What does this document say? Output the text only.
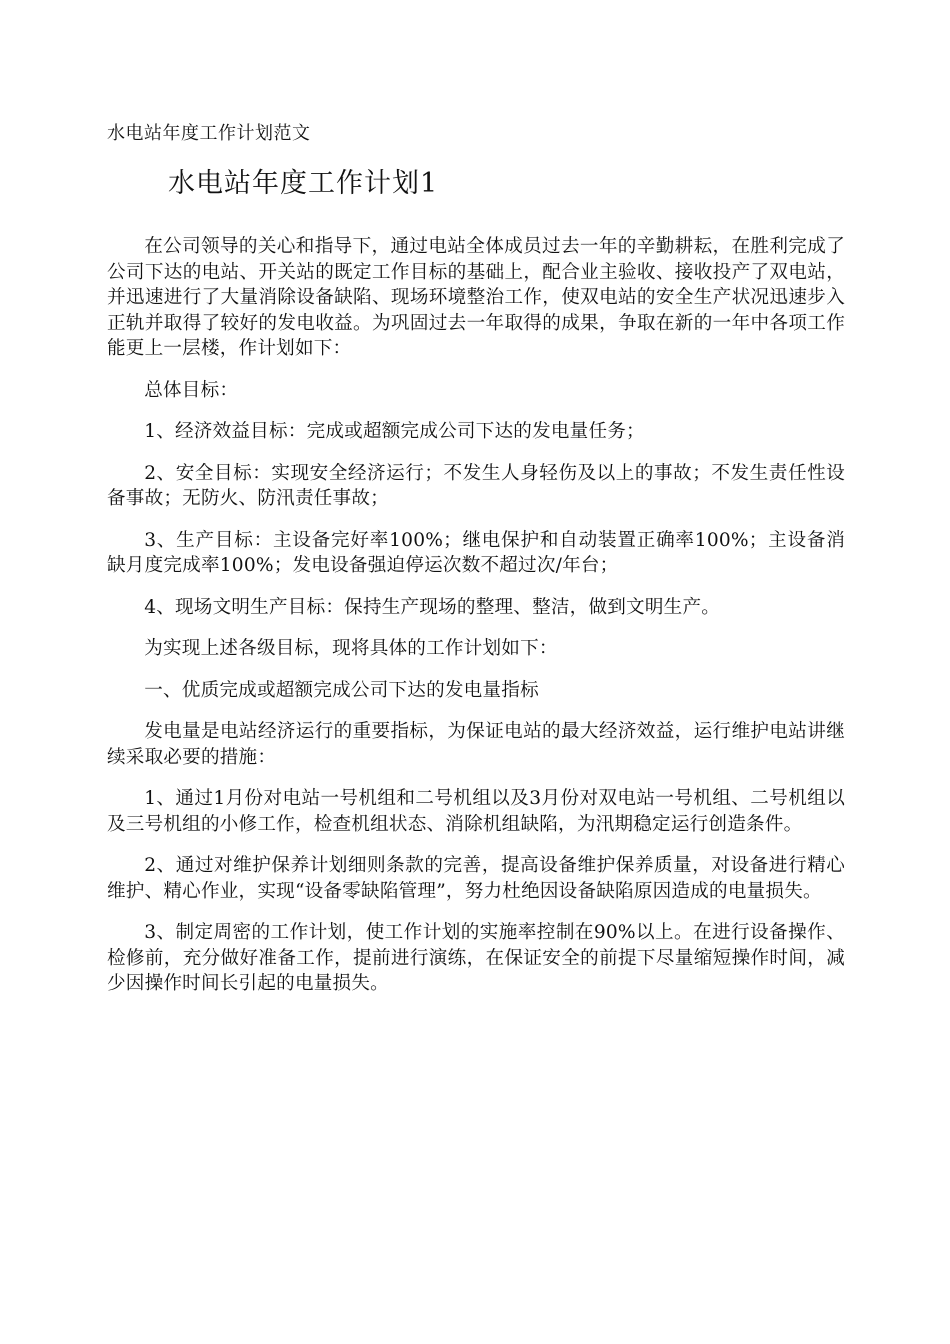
水电站年度工作计划范文
水电站年度工作计划1

在公司领导的关心和指导下，通过电站全体成员过去一年的辛勤耕耘，在胜利完成了公司下达的电站、开关站的既定工作目标的基础上，配合业主验收、接收投产了双电站，并迅速进行了大量消除设备缺陷、现场环境整治工作，使双电站的安全生产状况迅速步入正轨并取得了较好的发电收益。为巩固过去一年取得的成果，争取在新的一年中各项工作能更上一层楼，作计划如下：

总体目标：

1、经济效益目标：完成或超额完成公司下达的发电量任务；

2、安全目标：实现安全经济运行；不发生人身轻伤及以上的事故；不发生责任性设备事故；无防火、防汛责任事故；

3、生产目标：主设备完好率100%；继电保护和自动装置正确率100%；主设备消缺月度完成率100%；发电设备强迫停运次数不超过次/年台；

4、现场文明生产目标：保持生产现场的整理、整洁，做到文明生产。

为实现上述各级目标，现将具体的工作计划如下：

一、优质完成或超额完成公司下达的发电量指标

发电量是电站经济运行的重要指标，为保证电站的最大经济效益，运行维护电站讲继续采取必要的措施：

1、通过1月份对电站一号机组和二号机组以及3月份对双电站一号机组、二号机组以及三号机组的小修工作，检查机组状态、消除机组缺陷，为汛期稳定运行创造条件。

2、通过对维护保养计划细则条款的完善，提高设备维护保养质量，对设备进行精心维护、精心作业，实现“设备零缺陷管理”，努力杜绝因设备缺陷原因造成的电量损失。

3、制定周密的工作计划，使工作计划的实施率控制在90%以上。在进行设备操作、检修前，充分做好准备工作，提前进行演练，在保证安全的前提下尽量缩短操作时间，减少因操作时间长引起的电量损失。
